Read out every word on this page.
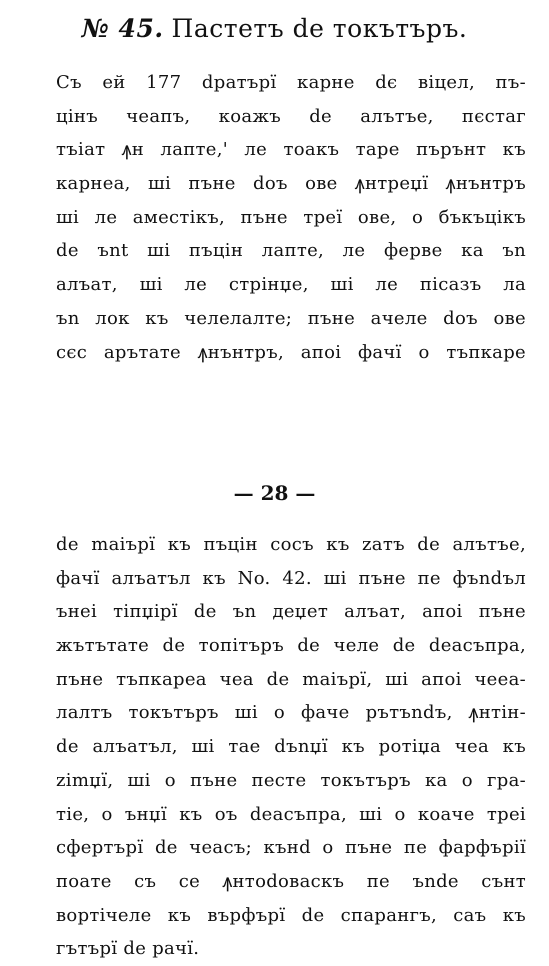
№ 45. Пастетъ de токътъръ.
Съ ей 177 dратърї карне dє вiцел, пъ-
цiнъ чеапъ, коажъ de алътъе, пєстаг
тъiат ꙟн лапте,' ле тоакъ таре пърънт къ
карнеа, шi пъне doъ ове ꙟнтреџї ꙟнънтръ
шi ле аместiкъ, пъне треї ове, о бъкъцiкъ
de ъnt шi пъцiн лапте, ле ферве ка ъn
алъат, шi ле стрiнџе, шi ле пiсазъ ла
ъn лок къ челелалте; пъне ачеле doъ ове
сєс арътате ꙟнънтръ, апоi фачї о тъпкаре
— 28 —
de maiърї къ пъцiн сосъ къ zатъ de алътъе,
фачї алъатъл къ No. 42. шi пъне пе фъndъл
ънеi тiпџiрї de ъn деџет алъат, апоi пъне
жътътате de топiтъръ de челе de deасъпра,
пъне тъпкареа чеа de maiърї, шi апоi чееа-
лалтъ токътъръ шi о фаче рътъndъ, ꙟнтiн-
de алъатъл, шi тае dъnџї къ ротiџа чеа къ
zimџї, шi о пъне песте токътъръ ка о гра-
тiе, о ънџї къ оъ deасъпра, шi о коаче треi
сфертърї de чеасъ; кънd о пъне пе фарфърiї
поате съ се ꙟнтоdоваскъ пе ъnde сънт
вортiчеле къ върфърї de спарангъ, саъ къ
гътърї de рачї.
